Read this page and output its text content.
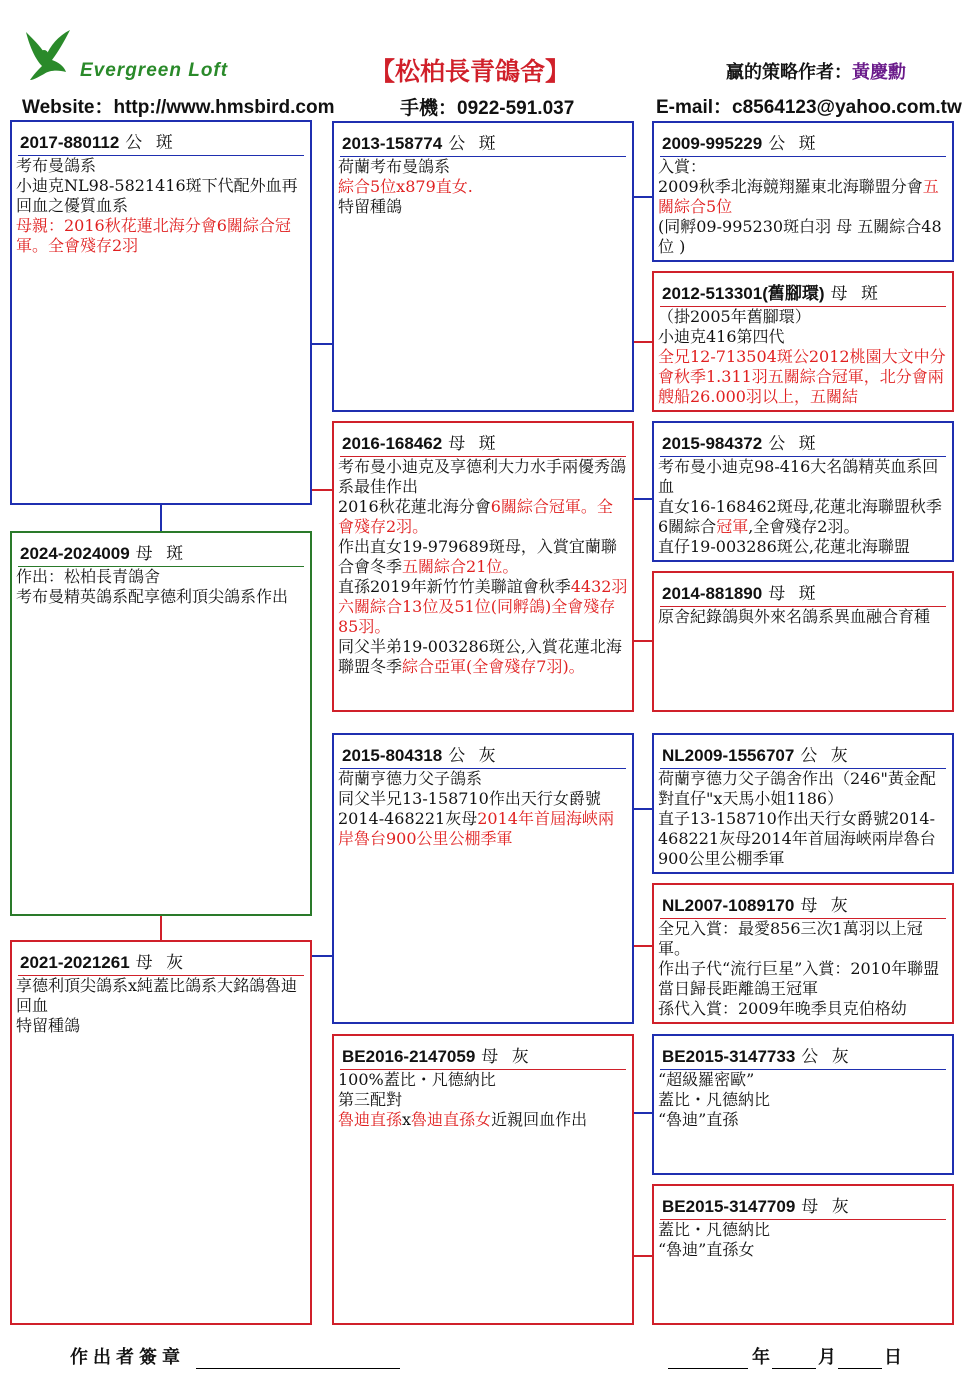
Evergreen Loft	【松柏長青鴿舍】	贏的策略作者：黃慶勳
Website：http://www.hmsbird.com	手機：0922-591.037	E-mail：c8564123@yahoo.com.tw
2017-880112 公 斑
考布曼鴿系
小迪克NL98-5821416斑下代配外血再回血之優質血系
母親：2016秋花蓮北海分會6關綜合冠軍。全會殘存2羽
2024-2024009 母 斑
作出：松柏長青鴿舍
考布曼精英鴿系配享德利頂尖鴿系作出
2021-2021261 母 灰
享德利頂尖鴿系x純蓋比鴿系大銘鴿魯迪回血
特留種鴿
2013-158774 公 斑
荷蘭考布曼鴿系
綜合5位x879直女.
特留種鴿
2016-168462 母 斑
考布曼小迪克及享德利大力水手兩優秀鴿系最佳作出
2016秋花蓮北海分會6關綜合冠軍。全會殘存2羽。
作出直女19-979689斑母，入賞宜蘭聯合會冬季五關綜合21位。
直孫2019年新竹竹美聯誼會秋季4432羽六關綜合13位及51位(同孵鴿)全會殘存85羽。
同父半弟19-003286斑公,入賞花蓮北海聯盟冬季綜合亞軍(全會殘存7羽)。
2015-804318 公 灰
荷蘭亨德力父子鴿系
同父半兄13-158710作出天行女爵號2014-468221灰母2014年首屆海峽兩岸魯台900公里公棚季軍
BE2016-2147059 母 灰
100%蓋比・凡德納比
第三配對
魯迪直孫x魯迪直孫女近親回血作出
2009-995229 公 斑
入賞：
2009秋季北海競翔羅東北海聯盟分會五關綜合5位
(同孵09-995230斑白羽 母 五關綜合48位 )
2012-513301(舊腳環) 母 斑
（掛2005年舊腳環）
小迪克416第四代
全兄12-713504斑公2012桃園大文中分會秋季1.311羽五關綜合冠軍，北分會兩艘船26.000羽以上，五關結
2015-984372 公 斑
考布曼小迪克98-416大名鴿精英血系回血
直女16-168462斑母,花蓮北海聯盟秋季6關綜合冠軍,全會殘存2羽。
直仔19-003286斑公,花蓮北海聯盟
2014-881890 母 斑
原舍紀錄鴿與外來名鴿系異血融合育種
NL2009-1556707 公 灰
荷蘭亨德力父子鴿舍作出（246"黃金配對直仔"x天馬小姐1186）
直子13-158710作出天行女爵號2014-468221灰母2014年首屆海峽兩岸魯台900公里公棚季軍
NL2007-1089170 母 灰
全兄入賞：最愛856三次1萬羽以上冠軍。
作出子代“流行巨星”入賞：2010年聯盟當日歸長距離鴿王冠軍
孫代入賞：2009年晚季貝克伯格幼
BE2015-3147733 公 灰
“超級羅密歐”
蓋比・凡德納比
“魯迪”直孫
BE2015-3147709 母 灰
蓋比・凡德納比
“魯迪”直孫女
作出者簽章	年	月	日
